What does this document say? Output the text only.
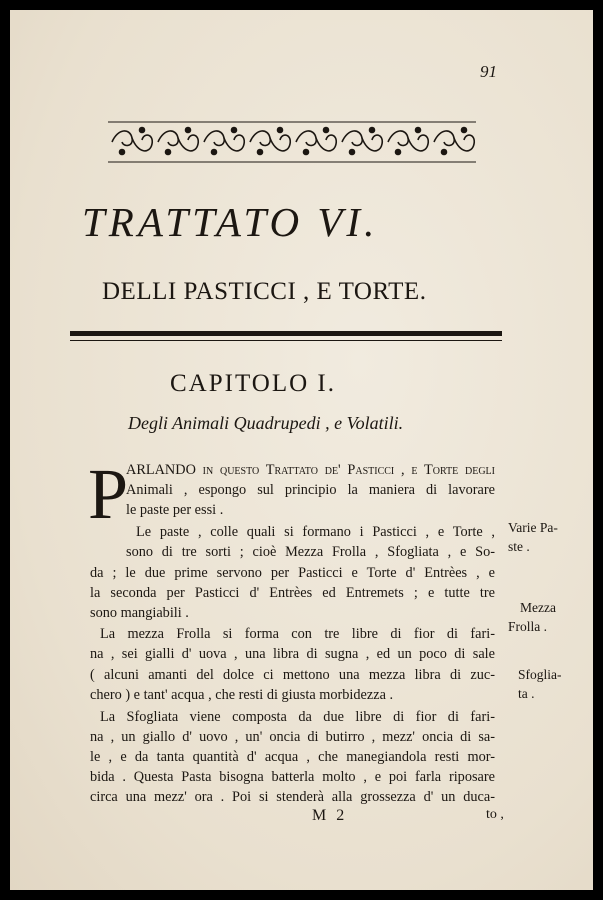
91
TRATTATO VI.
DELLI PASTICCI , E TORTE.
CAPITOLO I.
Degli Animali Quadrupedi , e Volatili.
P
ARLANDO in questo Trattato de' Pasticci , e Torte degli
Animali , espongo sul principio la maniera di lavorare
le paste per essi .
Le paste , colle quali si formano i Pasticci , e Torte ,
sono di tre sorti ; cioè Mezza Frolla , Sfogliata , e So-
da ; le due prime servono per Pasticci e Torte d' Entrèes , e
la seconda per Pasticci d' Entrèes ed Entremets ; e tutte tre
sono mangiabili .
La mezza Frolla si forma con tre libre di fior di fari-
na , sei gialli d' uova , una libra di sugna , ed un poco di sale
( alcuni amanti del dolce ci mettono una mezza libra di zuc-
chero ) e tant' acqua , che resti di giusta morbidezza .
La Sfogliata viene composta da due libre di fior di fari-
na , un giallo d' uovo , un' oncia di butirro , mezz' oncia di sa-
le , e da tanta quantità d' acqua , che manegiandola resti mor-
bida . Questa Pasta bisogna batterla molto , e poi farla riposare
circa una mezz' ora . Poi si stenderà alla grossezza d' un duca-
Varie Pa-
ste .
Mezza
Frolla .
Sfoglia-
ta .
M 2	to ,
